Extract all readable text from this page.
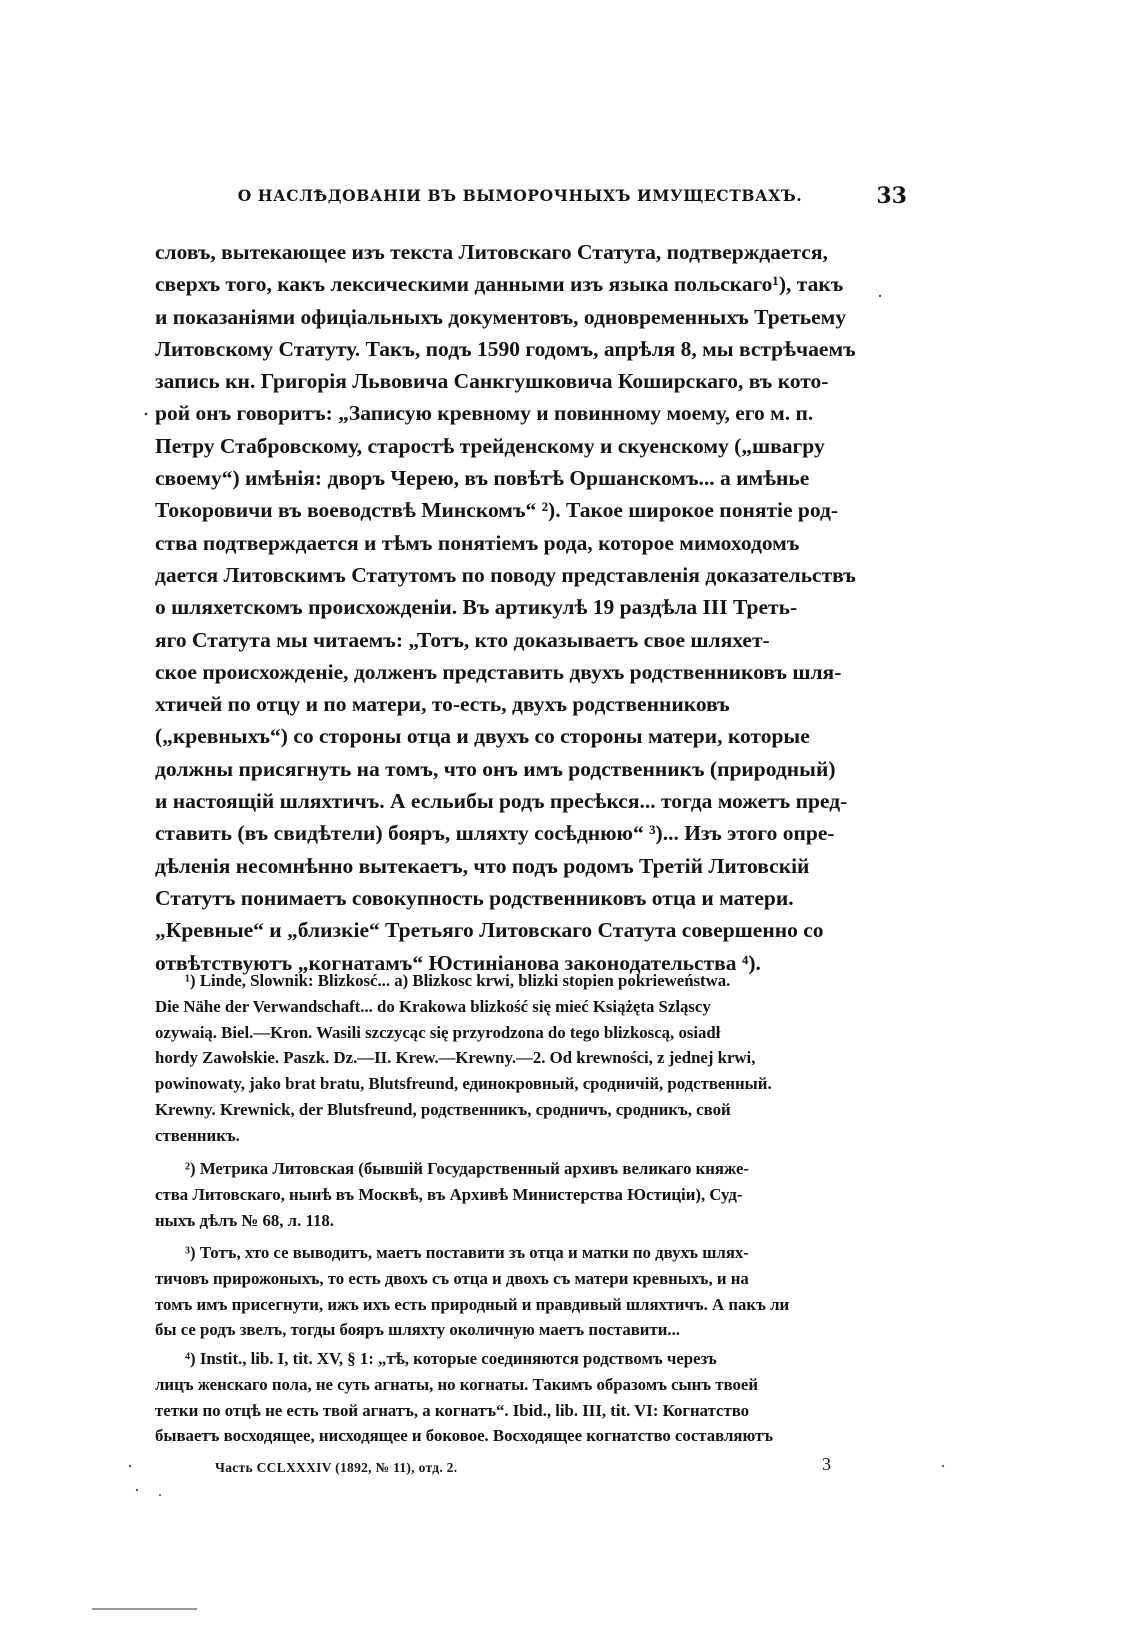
О НАСЛѢДОВАНІИ ВЪ ВЫМОРОЧНЫХЪ ИМУЩЕСТВАХЪ.	33
словъ, вытекающее изъ текста Литовскаго Статута, подтверждается,
сверхъ того, какъ лексическими данными изъ языка польскаго¹), такъ
и показаніями офиціальныхъ документовъ, одновременныхъ Третьему
Литовскому Статуту. Такъ, подъ 1590 годомъ, апрѣля 8, мы встрѣчаемъ
запись кн. Григорія Львовича Санкгушковича Коширскаго, въ кото-
рой онъ говоритъ: „Записую кревному и повинному моему, его м. п.
Петру Стабровскому, старостѣ трейденскому и скуенскому („швагру
своему“) имѣнія: дворъ Черею, въ повѣтѣ Оршанскомъ... а имѣнье
Токоровичи въ воеводствѣ Минскомъ“ ²). Такое широкое понятіе род-
ства подтверждается и тѣмъ понятіемъ рода, которое мимоходомъ
дается Литовскимъ Статутомъ по поводу представленія доказательствъ
о шляхетскомъ происхожденіи. Въ артикулѣ 19 раздѣла III Треть-
яго Статута мы читаемъ: „Тотъ, кто доказываетъ свое шляхет-
ское происхожденіе, долженъ представить двухъ родственниковъ шля-
хтичей по отцу и по матери, то-есть, двухъ родственниковъ
(„кревныхъ“) со стороны отца и двухъ со стороны матери, которые
должны присягнуть на томъ, что онъ имъ родственникъ (природный)
и настоящій шляхтичъ. А есльибы родъ пресѣкся... тогда можетъ пред-
ставить (въ свидѣтели) бояръ, шляхту сосѣднюю“ ³)... Изъ этого опре-
дѣленія несомнѣнно вытекаетъ, что подъ родомъ Третій Литовскій
Статутъ понимаетъ совокупность родственниковъ отца и матери.
„Кревные“ и „близкіе“ Третьяго Литовскаго Статута совершенно со
отвѣтствуютъ „когнатамъ“ Юстиніанова законодательства ⁴).
¹) Linde, Slownik: Blizkosć... a) Blizkosc krwi, blizki stopien pokrieweństwa.
Die Nähe der Verwandschaft... do Krakowa blizkość się mieć Książęta Szląscy
ozywaią. Biel.—Kron. Wasili szczycąc się przyrodzona do tego blizkoscą, osiadł
hordy Zawołskie. Paszk. Dz.—II. Krew.—Krewny.—2. Od krewności, z jednej krwi,
powinowaty, jako brat bratu, Blutsfreund, единокровный, сродничій, родственный.
Krewny. Krewnick, der Blutsfreund, родственникъ, сродничъ, сродникъ, свой
ственникъ.
²) Метрика Литовская (бывшій Государственный архивъ великаго княже-
ства Литовскаго, нынѣ въ Москвѣ, въ Архивѣ Министерства Юстиціи), Суд-
ныхъ дѣлъ № 68, л. 118.
³) Тотъ, хто се выводитъ, маетъ поставити зъ отца и матки по двухъ шлях-
тичовъ прирожоныхъ, то есть двохъ съ отца и двохъ съ матери кревныхъ, и на
томъ имъ присегнути, ижъ ихъ есть природный и правдивый шляхтичъ. А пакъ ли
бы се родъ звелъ, тогды бояръ шляхту околичную маетъ поставити...
⁴) Instit., lib. I, tit. XV, § 1: „тѣ, которые соединяются родствомъ черезъ
лицъ женскаго пола, не суть агнаты, но когнаты. Такимъ образомъ сынъ твоей
тетки по отцѣ не есть твой агнатъ, а когнатъ“. Ibid., lib. III, tit. VI: Когнатство
бываетъ восходящее, нисходящее и боковое. Восходящее когнатство составляютъ
Часть CCLXXXIV (1892, № 11), отд. 2.	3
